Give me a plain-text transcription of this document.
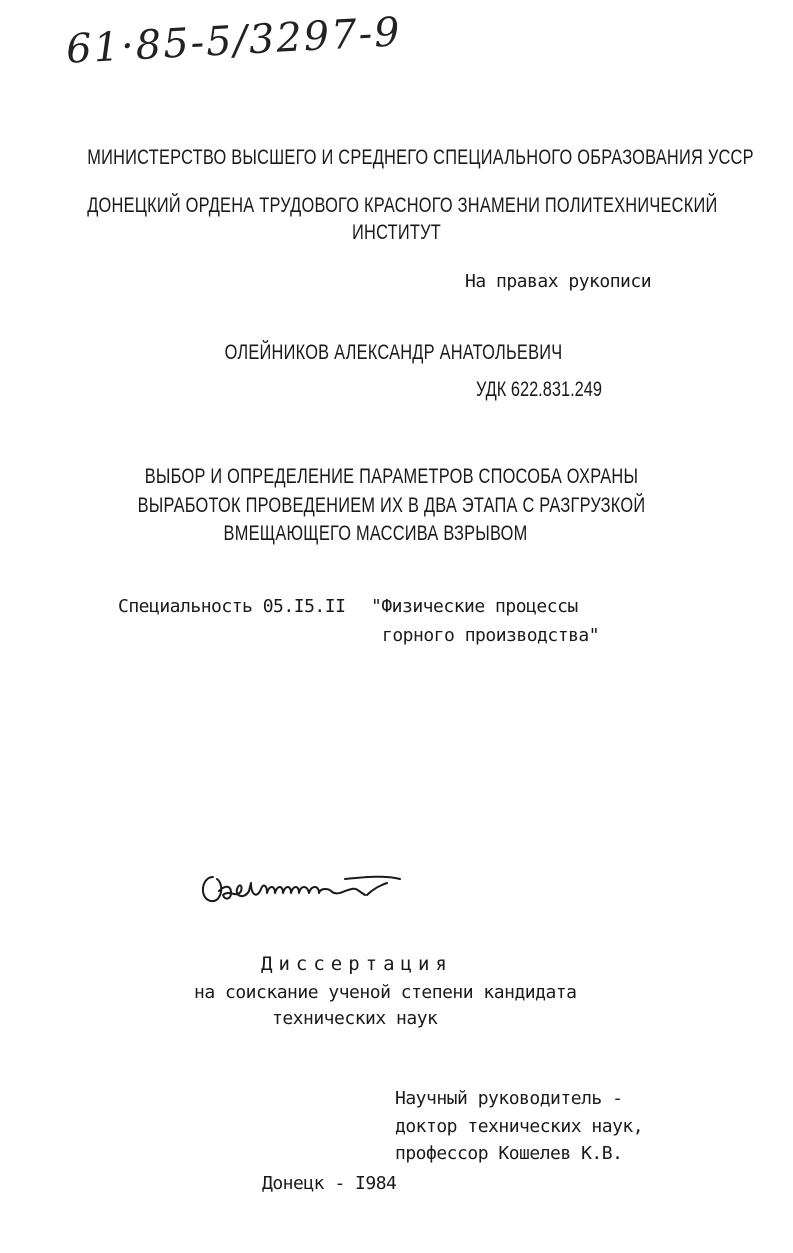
61·85-5/3297-9
МИНИСТЕРСТВО ВЫСШЕГО И СРЕДНЕГО СПЕЦИАЛЬНОГО ОБРАЗОВАНИЯ УССР
ДОНЕЦКИЙ ОРДЕНА ТРУДОВОГО КРАСНОГО ЗНАМЕНИ ПОЛИТЕХНИЧЕСКИЙ
ИНСТИТУТ
На правах рукописи
ОЛЕЙНИКОВ АЛЕКСАНДР АНАТОЛЬЕВИЧ
УДК 622.831.249
ВЫБОР И ОПРЕДЕЛЕНИЕ ПАРАМЕТРОВ СПОСОБА ОХРАНЫ
ВЫРАБОТОК ПРОВЕДЕНИЕМ ИХ В ДВА ЭТАПА С РАЗГРУЗКОЙ
ВМЕЩАЮЩЕГО МАССИВА ВЗРЫВОМ
Специальность 05.I5.II "Физические процессы
горного производства"
Диссертация
на соискание ученой степени кандидата
технических наук
Научный руководитель -
доктор технических наук,
профессор Кошелев К.В.
Донецк - I984
